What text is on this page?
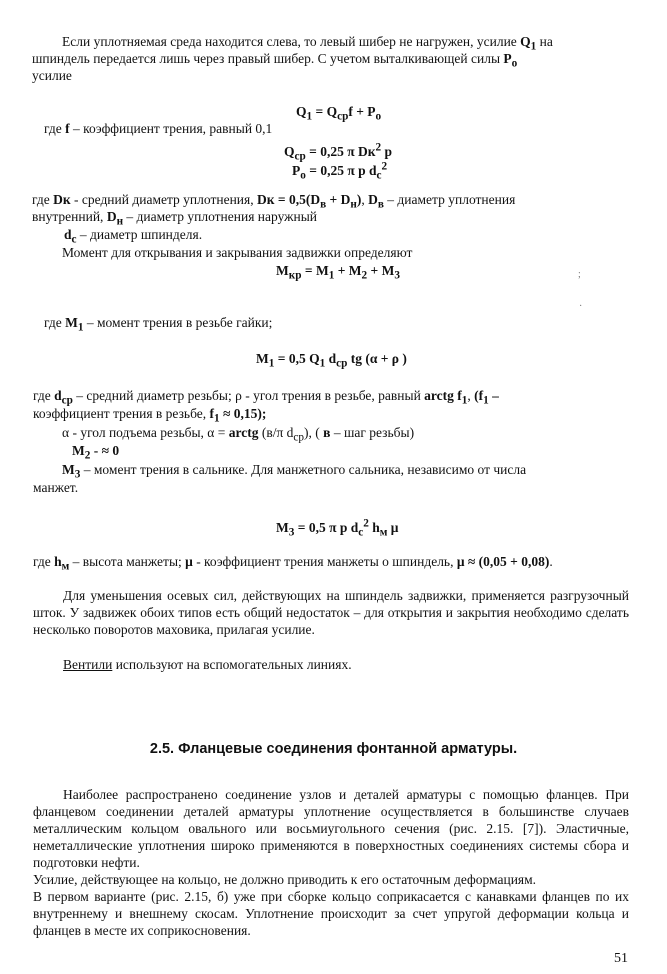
Если уплотняемая среда находится слева, то левый шибер не нагружен, усилие $Q_1$ на

шпиндель передается лишь через правый шибер. С учетом выталкивающей силы $P_o$

усилие

$Q_1 = Q_{ср}f + P_o$

где f – коэффициент трения, равный 0,1

$Q_{ср} = 0,25$ π $Dк^2$ p

$P_o = 0,25$ π p $d_c^2$

где Dк - средний диаметр уплотнения, Dк = $0,5(D_в + D_н)$, $D_в$ – диаметр уплотнения

внутренний, $D_н$ – диаметр уплотнения наружный

$d_c$ – диаметр шпинделя.

Момент для открывания и закрывания задвижки определяют

$M_{кр} = M_1 + M_2 + M_3$	;
·

где $M_1$ – момент трения в резьбе гайки;

$M_1 = 0,5$ $Q_1$ $d_{ср}$ tg (α + ρ )

где $d_{ср}$ – средний диаметр резьбы; ρ - угол трения в резьбе, равный arctg $f_1$, ($f_1$ –

коэффициент трения в резьбе, $f_1 \approx 0,15$);

α - угол подъема резьбы, α = arctg (в/π $d_{ср}$), ( в – шаг резьбы)

$M_2$ - ≈ 0

$M_3$ – момент трения в сальнике. Для манжетного сальника, независимо от числа

манжет.

$M_3 = 0,5$ π p $d_c^2$ $h_м$ μ

где $h_м$ – высота манжеты; μ - коэффициент трения манжеты о шпиндель, μ ≈ (0,05 + 0,08).

Для уменьшения осевых сил, действующих на шпиндель задвижки, применяется разгрузочный шток. У задвижек обоих типов есть общий недостаток – для открытия и закрытия необходимо сделать несколько поворотов маховика, прилагая усилие.

Вентили используют на вспомогательных линиях.

2.5. Фланцевые соединения фонтанной арматуры.

Наиболее распространено соединение узлов и деталей арматуры с помощью фланцев. При фланцевом соединении деталей арматуры уплотнение осуществляется в большинстве случаев металлическим кольцом овального или восьмиугольного сечения (рис. 2.15. [7]). Эластичные, неметаллические уплотнения широко применяются в поверхностных соединениях системы сбора и подготовки нефти.

Усилие, действующее на кольцо, не должно приводить к его остаточным деформациям.

В первом варианте (рис. 2.15, б) уже при сборке кольцо соприкасается с канавками фланцев по их внутреннему и внешнему скосам. Уплотнение происходит за счет упругой деформации кольца и фланцев в месте их соприкосновения.

51
